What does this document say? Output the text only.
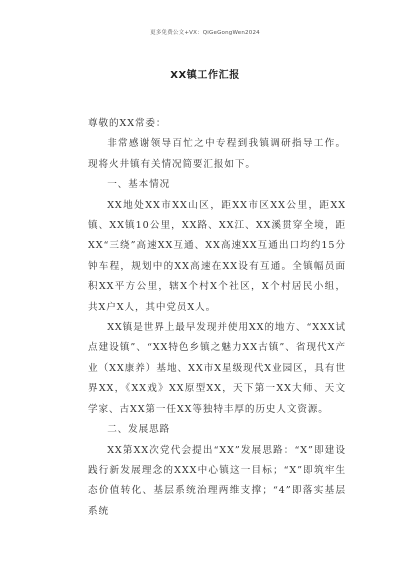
更多免费公文+VX：QiGeGongWen2024
XX镇工作汇报

尊敬的XX常委：

非常感谢领导百忙之中专程到我镇调研指导工作。现将火井镇有关情况简要汇报如下。

一、基本情况

XX地处XX市XX山区，距XX市区XX公里，距XX镇、XX镇10公里，XX路、XX江、XX溪贯穿全境，距XX“三绕”高速XX互通、XX高速XX互通出口均约15分钟车程，规划中的XX高速在XX设有互通。全镇幅员面积XX平方公里，辖X个村X个社区，X个村居民小组，共X户X人，其中党员X人。

XX镇是世界上最早发现并使用XX的地方、“XXX试点建设镇”、“XX特色乡镇之魅力XX古镇”、省现代X产业（XX康养）基地、XX市X星级现代X业园区，具有世界XX，《XX戏》XX原型XX，天下第一XX大师、天文学家、古XX第一任XX等独特丰厚的历史人文资源。

二、发展思路

XX第XX次党代会提出“XX”发展思路：“X”即建设践行新发展理念的XXX中心镇这一目标；“X”即筑牢生态价值转化、基层系统治理两维支撑；“4”即落实基层系统
